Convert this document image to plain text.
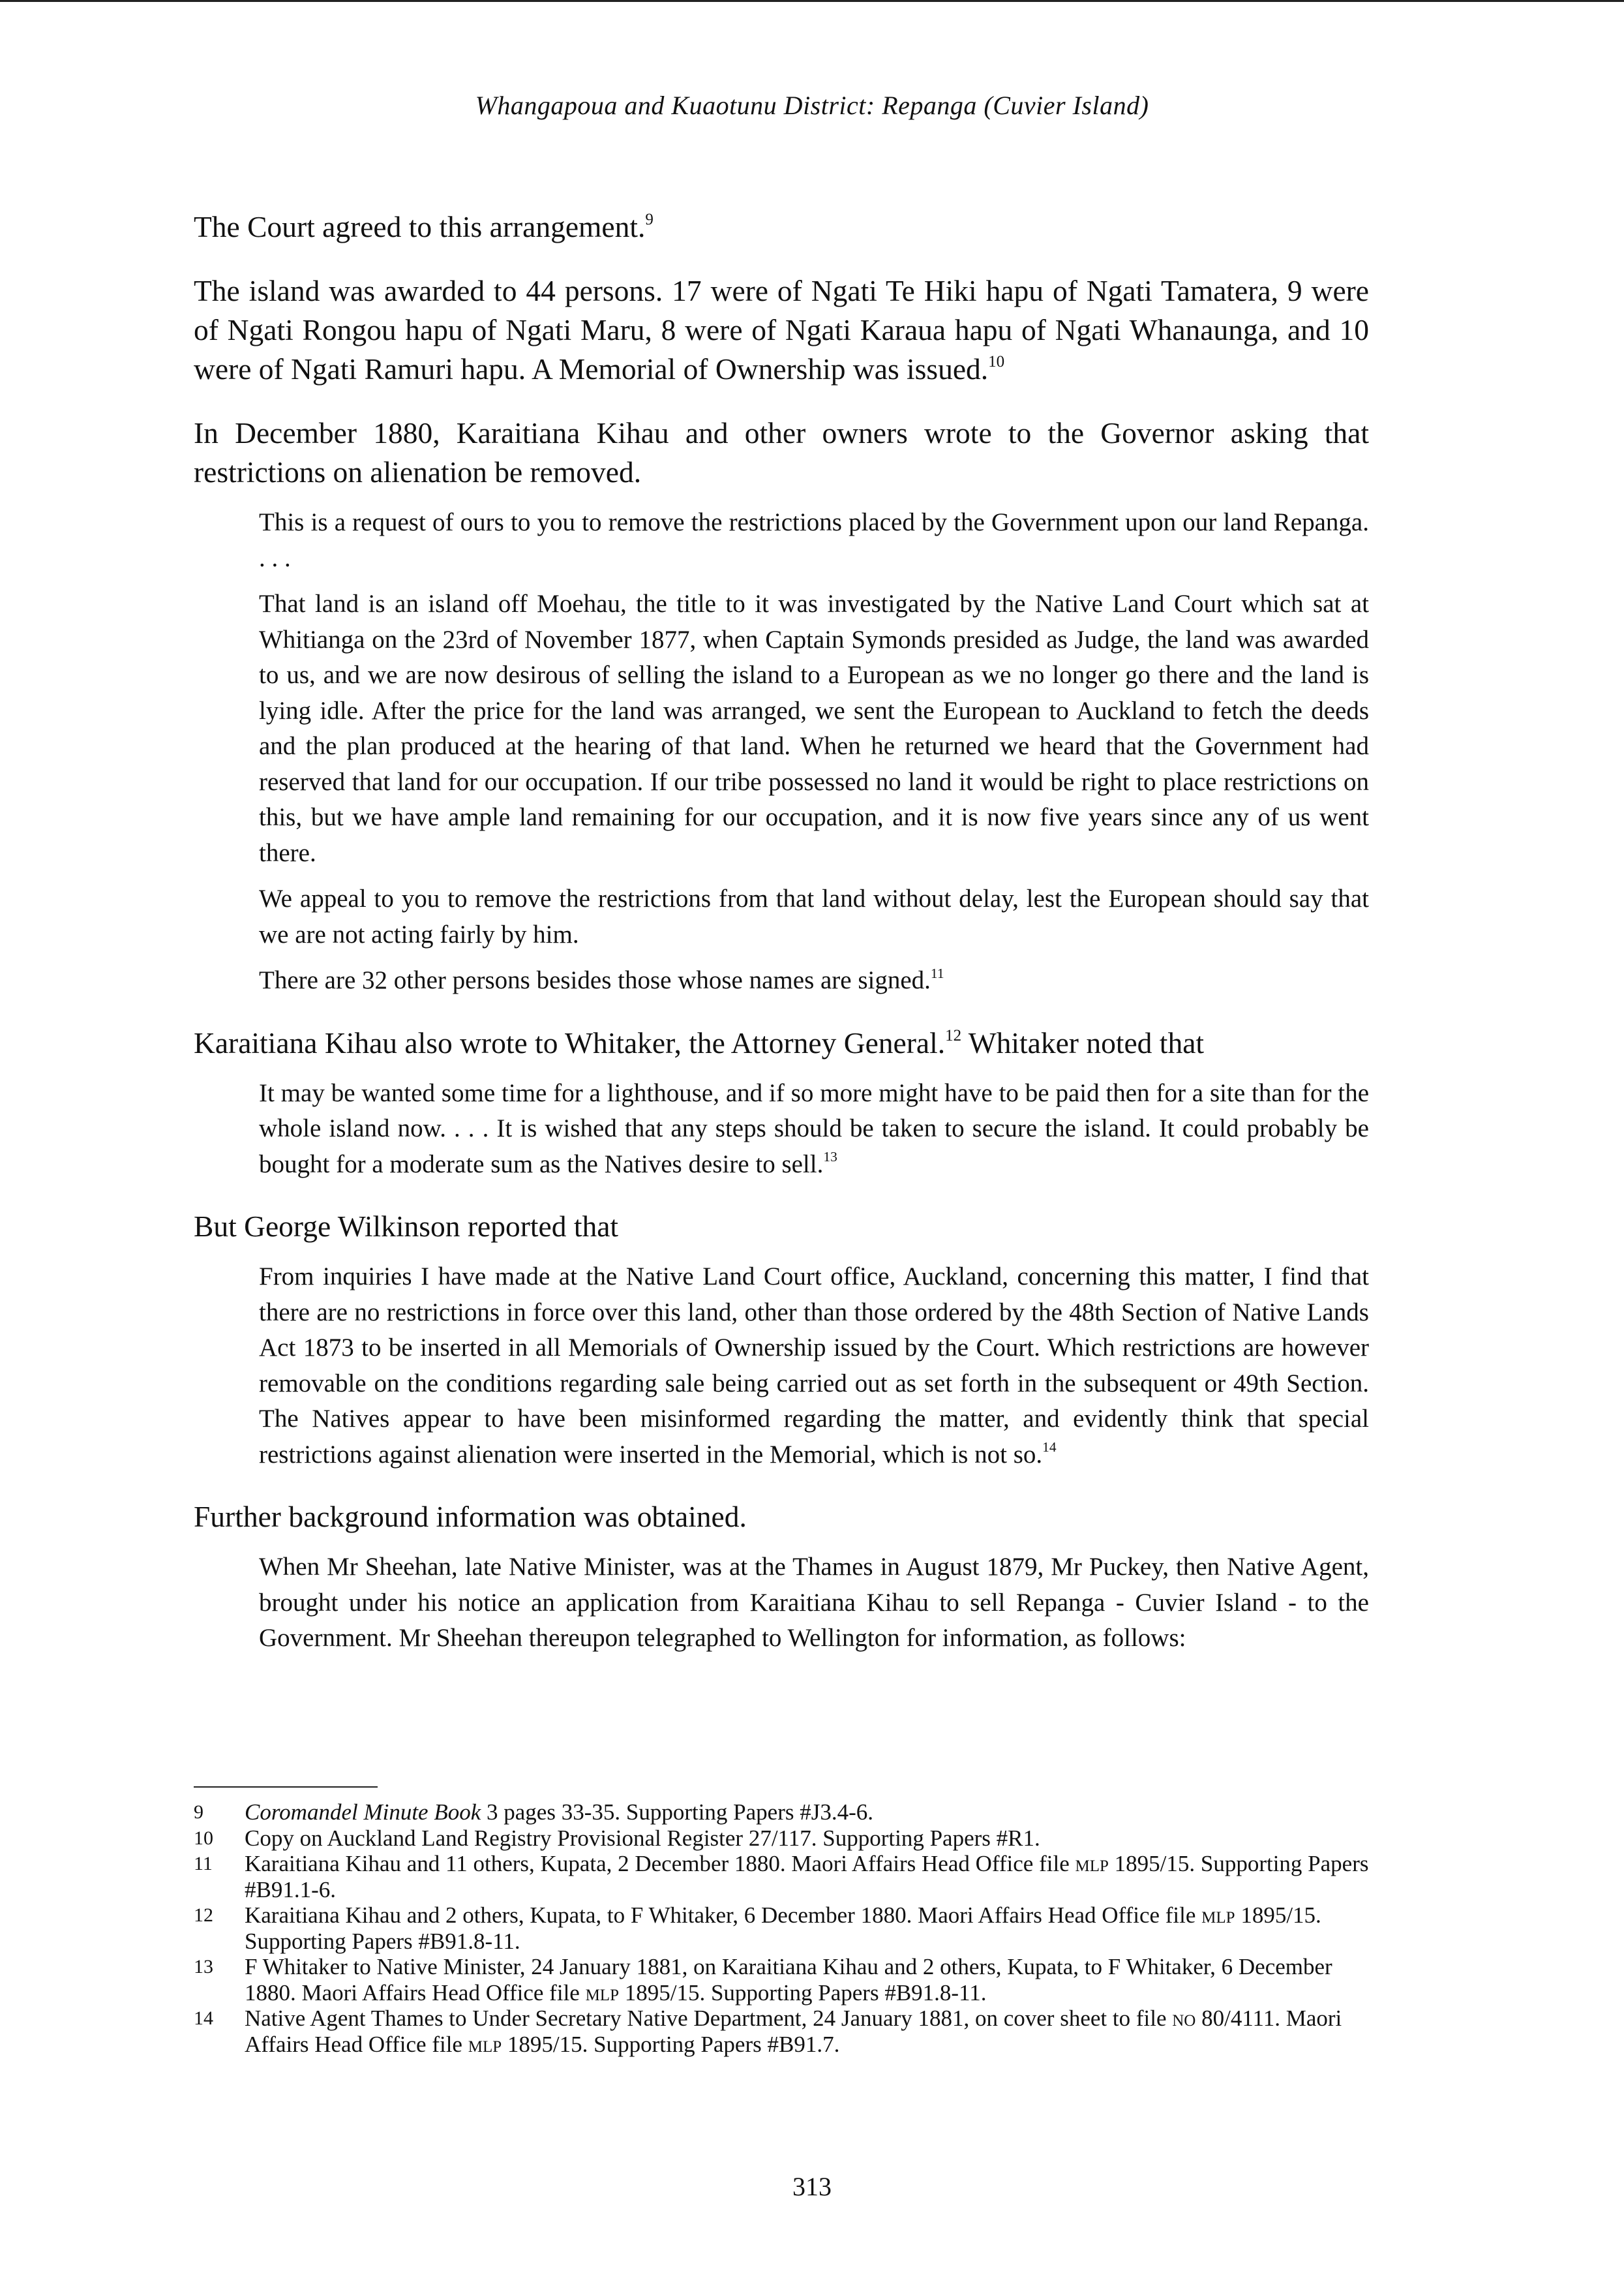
Whangapoua and Kuaotunu District: Repanga (Cuvier Island)

The Court agreed to this arrangement.$^9$

The island was awarded to 44 persons. 17 were of Ngati Te Hiki hapu of Ngati Tamatera, 9 were of Ngati Rongou hapu of Ngati Maru, 8 were of Ngati Karaua hapu of Ngati Whanaunga, and 10 were of Ngati Ramuri hapu. A Memorial of Ownership was issued.$^{10}$

In December 1880, Karaitiana Kihau and other owners wrote to the Governor asking that restrictions on alienation be removed.

This is a request of ours to you to remove the restrictions placed by the Government upon our land Repanga. . . .
That land is an island off Moehau, the title to it was investigated by the Native Land Court which sat at Whitianga on the 23rd of November 1877, when Captain Symonds presided as Judge, the land was awarded to us, and we are now desirous of selling the island to a European as we no longer go there and the land is lying idle. After the price for the land was arranged, we sent the European to Auckland to fetch the deeds and the plan produced at the hearing of that land. When he returned we heard that the Government had reserved that land for our occupation. If our tribe possessed no land it would be right to place restrictions on this, but we have ample land remaining for our occupation, and it is now five years since any of us went there.
We appeal to you to remove the restrictions from that land without delay, lest the European should say that we are not acting fairly by him.
There are 32 other persons besides those whose names are signed.$^{11}$

Karaitiana Kihau also wrote to Whitaker, the Attorney General.$^{12}$ Whitaker noted that

It may be wanted some time for a lighthouse, and if so more might have to be paid then for a site than for the whole island now. . . . It is wished that any steps should be taken to secure the island. It could probably be bought for a moderate sum as the Natives desire to sell.$^{13}$

But George Wilkinson reported that

From inquiries I have made at the Native Land Court office, Auckland, concerning this matter, I find that there are no restrictions in force over this land, other than those ordered by the 48th Section of Native Lands Act 1873 to be inserted in all Memorials of Ownership issued by the Court. Which restrictions are however removable on the conditions regarding sale being carried out as set forth in the subsequent or 49th Section. The Natives appear to have been misinformed regarding the matter, and evidently think that special restrictions against alienation were inserted in the Memorial, which is not so.$^{14}$

Further background information was obtained.

When Mr Sheehan, late Native Minister, was at the Thames in August 1879, Mr Puckey, then Native Agent, brought under his notice an application from Karaitiana Kihau to sell Repanga - Cuvier Island - to the Government. Mr Sheehan thereupon telegraphed to Wellington for information, as follows:
9	Coromandel Minute Book 3 pages 33-35. Supporting Papers #J3.4-6.
10	Copy on Auckland Land Registry Provisional Register 27/117. Supporting Papers #R1.
11	Karaitiana Kihau and 11 others, Kupata, 2 December 1880. Maori Affairs Head Office file mlp 1895/15. Supporting Papers #B91.1-6.
12	Karaitiana Kihau and 2 others, Kupata, to F Whitaker, 6 December 1880. Maori Affairs Head Office file mlp 1895/15. Supporting Papers #B91.8-11.
13	F Whitaker to Native Minister, 24 January 1881, on Karaitiana Kihau and 2 others, Kupata, to F Whitaker, 6 December 1880. Maori Affairs Head Office file mlp 1895/15. Supporting Papers #B91.8-11.
14	Native Agent Thames to Under Secretary Native Department, 24 January 1881, on cover sheet to file no 80/4111. Maori Affairs Head Office file mlp 1895/15. Supporting Papers #B91.7.
313
